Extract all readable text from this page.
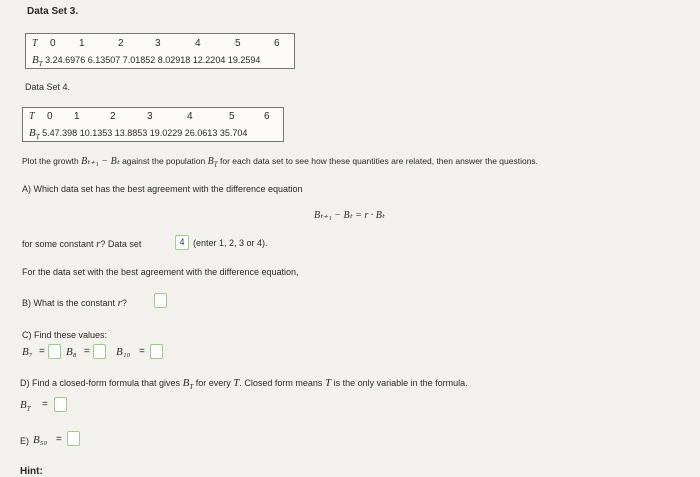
Data Set 3.
T 0 1	2	3	4	5	6
$B_T$ 3.24.6976 6.13507 7.01852 8.02918 12.2204 19.2594
Data Set 4.
T 0 1	2	3	4	5	6
$B_T$ 5.47.398 10.1353 13.8853 19.0229 26.0613 35.704
Plot the growth Bₜ₊₁ − Bₜ against the population $B_T$ for each data set to see how these quantities are related, then answer the questions.
A) Which data set has the best agreement with the difference equation
Bₜ₊₁ − Bₜ = r · Bₜ
for some constant r? Data set	4 (enter 1, 2, 3 or 4).
For the data set with the best agreement with the difference equation,
B) What is the constant r?
C) Find these values:
B₇ = B₈ = B₁₀ =
D) Find a closed-form formula that gives $B_T$ for every T. Closed form means T is the only variable in the formula.
$B_T$ =
E) B₅₀ =
Hint:
